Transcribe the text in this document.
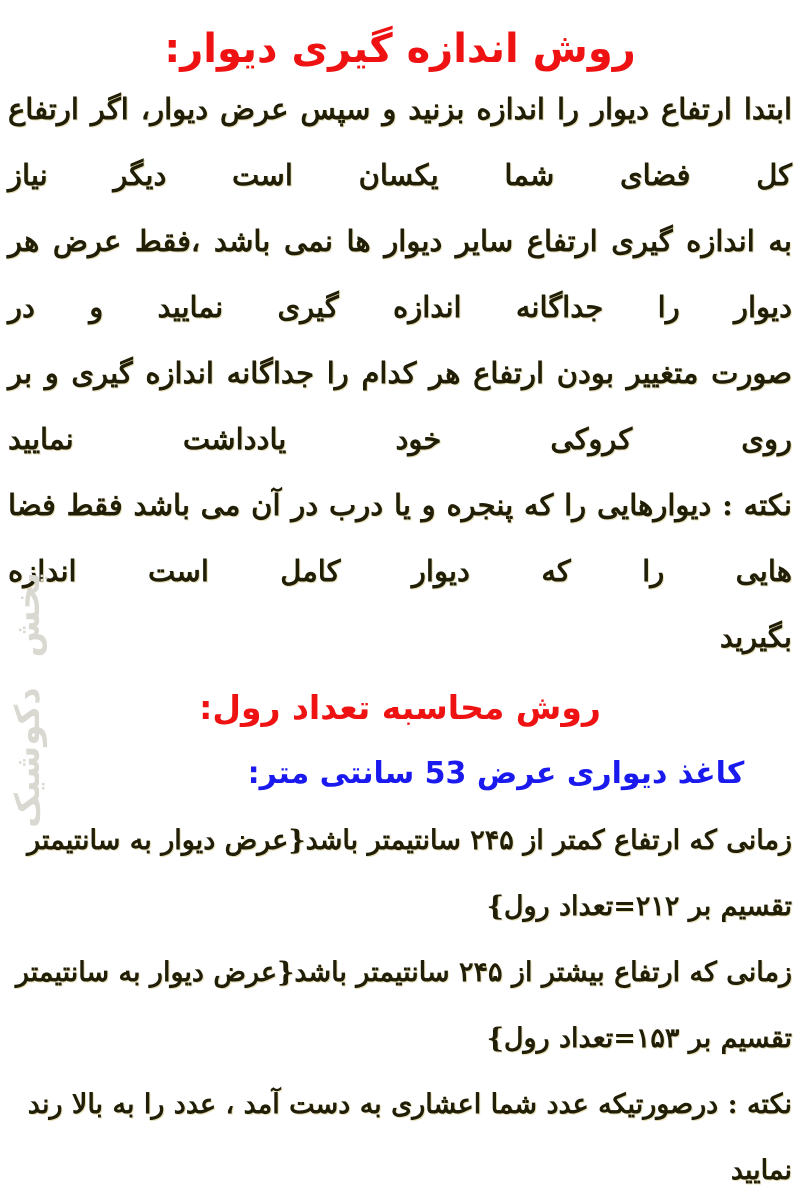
روش اندازه گیری دیوار:
ابتدا ارتفاع دیوار را اندازه بزنید و سپس عرض دیوار، اگر ارتفاع کل فضای شما یکسان است دیگر نیاز
به اندازه گیری ارتفاع سایر دیوار ها نمی باشد ،فقط عرض هر دیوار را جداگانه اندازه گیری نمایید و در
صورت متغییر بودن ارتفاع هر کدام را جداگانه اندازه گیری و بر روی کروکی خود یادداشت نمایید
نکته : دیوارهایی را که پنجره و یا درب در آن می باشد فقط فضا هایی را که دیوار کامل است اندازه
بگیرید
روش محاسبه تعداد رول:
کاغذ دیواری عرض 53 سانتی متر:
زمانی که ارتفاع کمتر از ۲۴۵ سانتیمتر باشد{عرض دیوار به سانتیمتر تقسیم بر ۲۱۲=تعداد رول}
زمانی که ارتفاع بیشتر از ۲۴۵ سانتیمتر باشد{عرض دیوار به سانتیمتر تقسیم بر ۱۵۳=تعداد رول}
نکته : درصورتیکه عدد شما اعشاری به دست آمد ، عدد را به بالا رند نمایید
پخش دکوشیک
